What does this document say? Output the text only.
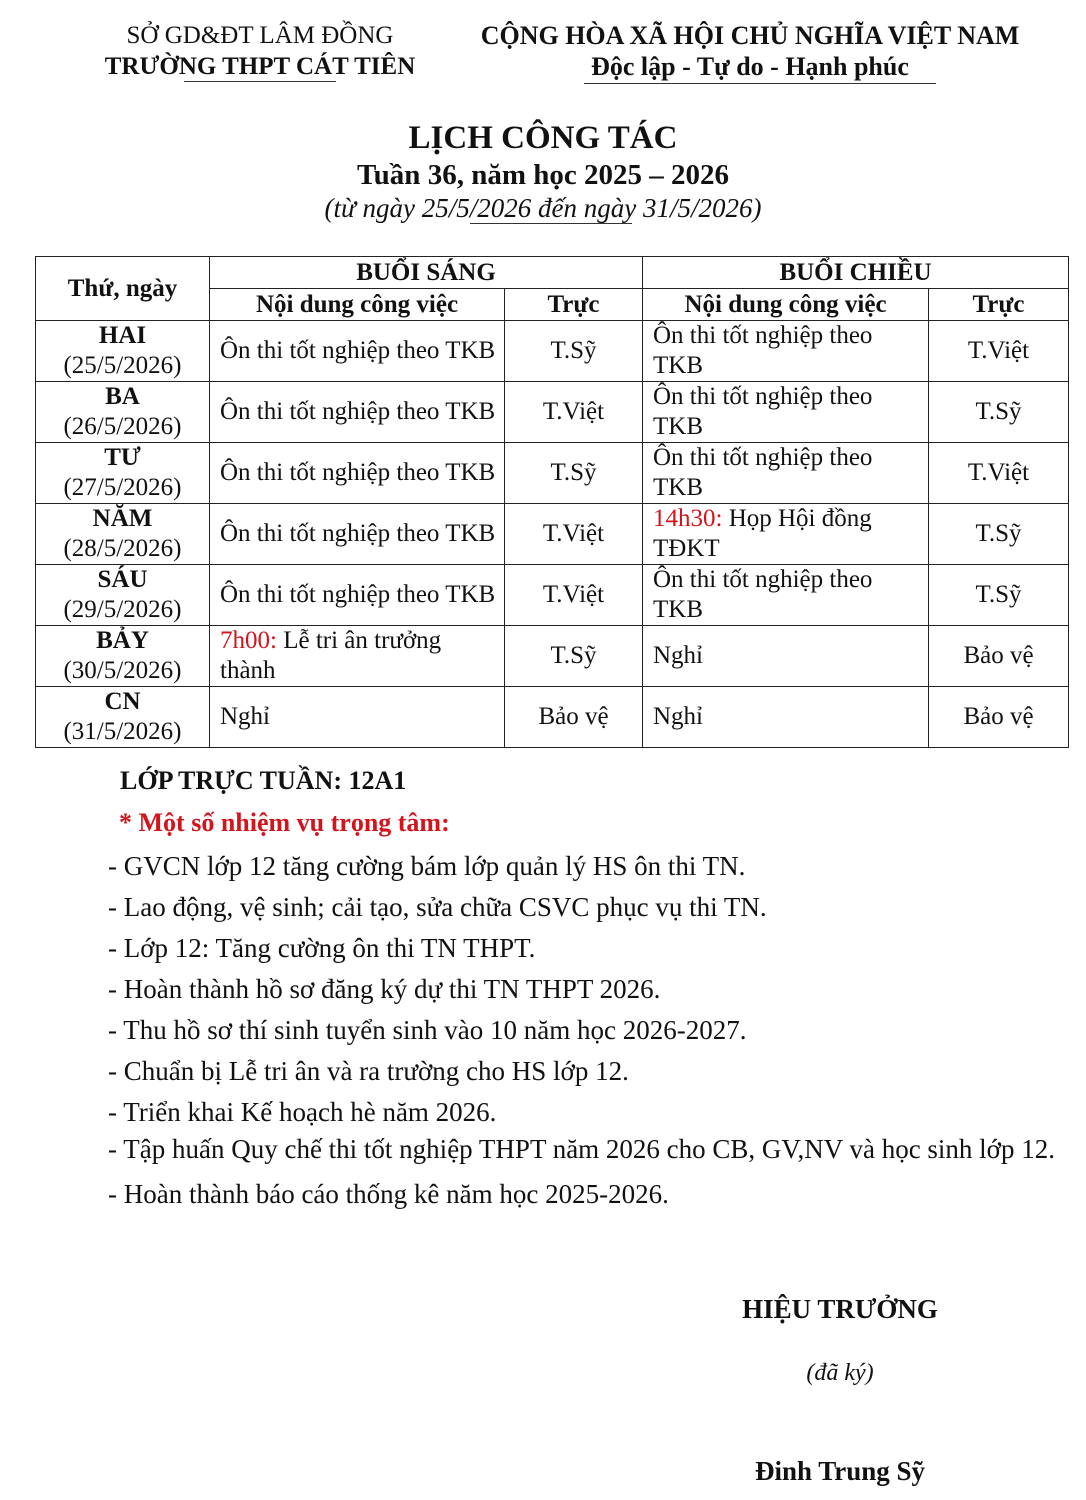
SỞ GD&ĐT LÂM ĐỒNG
TRƯỜNG THPT CÁT TIÊN
CỘNG HÒA XÃ HỘI CHỦ NGHĨA VIỆT NAM
Độc lập - Tự do - Hạnh phúc
LỊCH CÔNG TÁC
Tuần 36, năm học 2025 – 2026
(từ ngày 25/5/2026 đến ngày 31/5/2026)
Thứ, ngày	BUỔI SÁNG		BUỔI CHIỀU	
	Nội dung công việc	Trực	Nội dung công việc	Trực

HAI
(25/5/2026)	Ôn thi tốt nghiệp theo TKB	T.Sỹ	Ôn thi tốt nghiệp theo TKB	T.Việt

BA
(26/5/2026)	Ôn thi tốt nghiệp theo TKB	T.Việt	Ôn thi tốt nghiệp theo TKB	T.Sỹ

TƯ
(27/5/2026)	Ôn thi tốt nghiệp theo TKB	T.Sỹ	Ôn thi tốt nghiệp theo TKB	T.Việt

NĂM
(28/5/2026)	Ôn thi tốt nghiệp theo TKB	T.Việt	14h30: Họp Hội đồng TĐKT	T.Sỹ

SÁU
(29/5/2026)	Ôn thi tốt nghiệp theo TKB	T.Việt	Ôn thi tốt nghiệp theo TKB	T.Sỹ

BẢY
(30/5/2026)	7h00: Lễ tri ân trưởng thành	T.Sỹ	Nghỉ	Bảo vệ

CN
(31/5/2026)	Nghỉ	Bảo vệ	Nghỉ	Bảo vệ
LỚP TRỰC TUẦN: 12A1
* Một số nhiệm vụ trọng tâm:
- GVCN lớp 12 tăng cường bám lớp quản lý HS ôn thi TN.
- Lao động, vệ sinh; cải tạo, sửa chữa CSVC phục vụ thi TN.
- Lớp 12: Tăng cường ôn thi TN THPT.
- Hoàn thành hồ sơ đăng ký dự thi TN THPT 2026.
- Thu hồ sơ thí sinh tuyển sinh vào 10 năm học 2026-2027.
- Chuẩn bị Lễ tri ân và ra trường cho HS lớp 12.
- Triển khai Kế hoạch hè năm 2026.
- Tập huấn Quy chế thi tốt nghiệp THPT năm 2026 cho CB, GV,NV và học sinh lớp 12.
- Hoàn thành báo cáo thống kê năm học 2025-2026.
HIỆU TRƯỞNG
(đã ký)
Đinh Trung Sỹ
